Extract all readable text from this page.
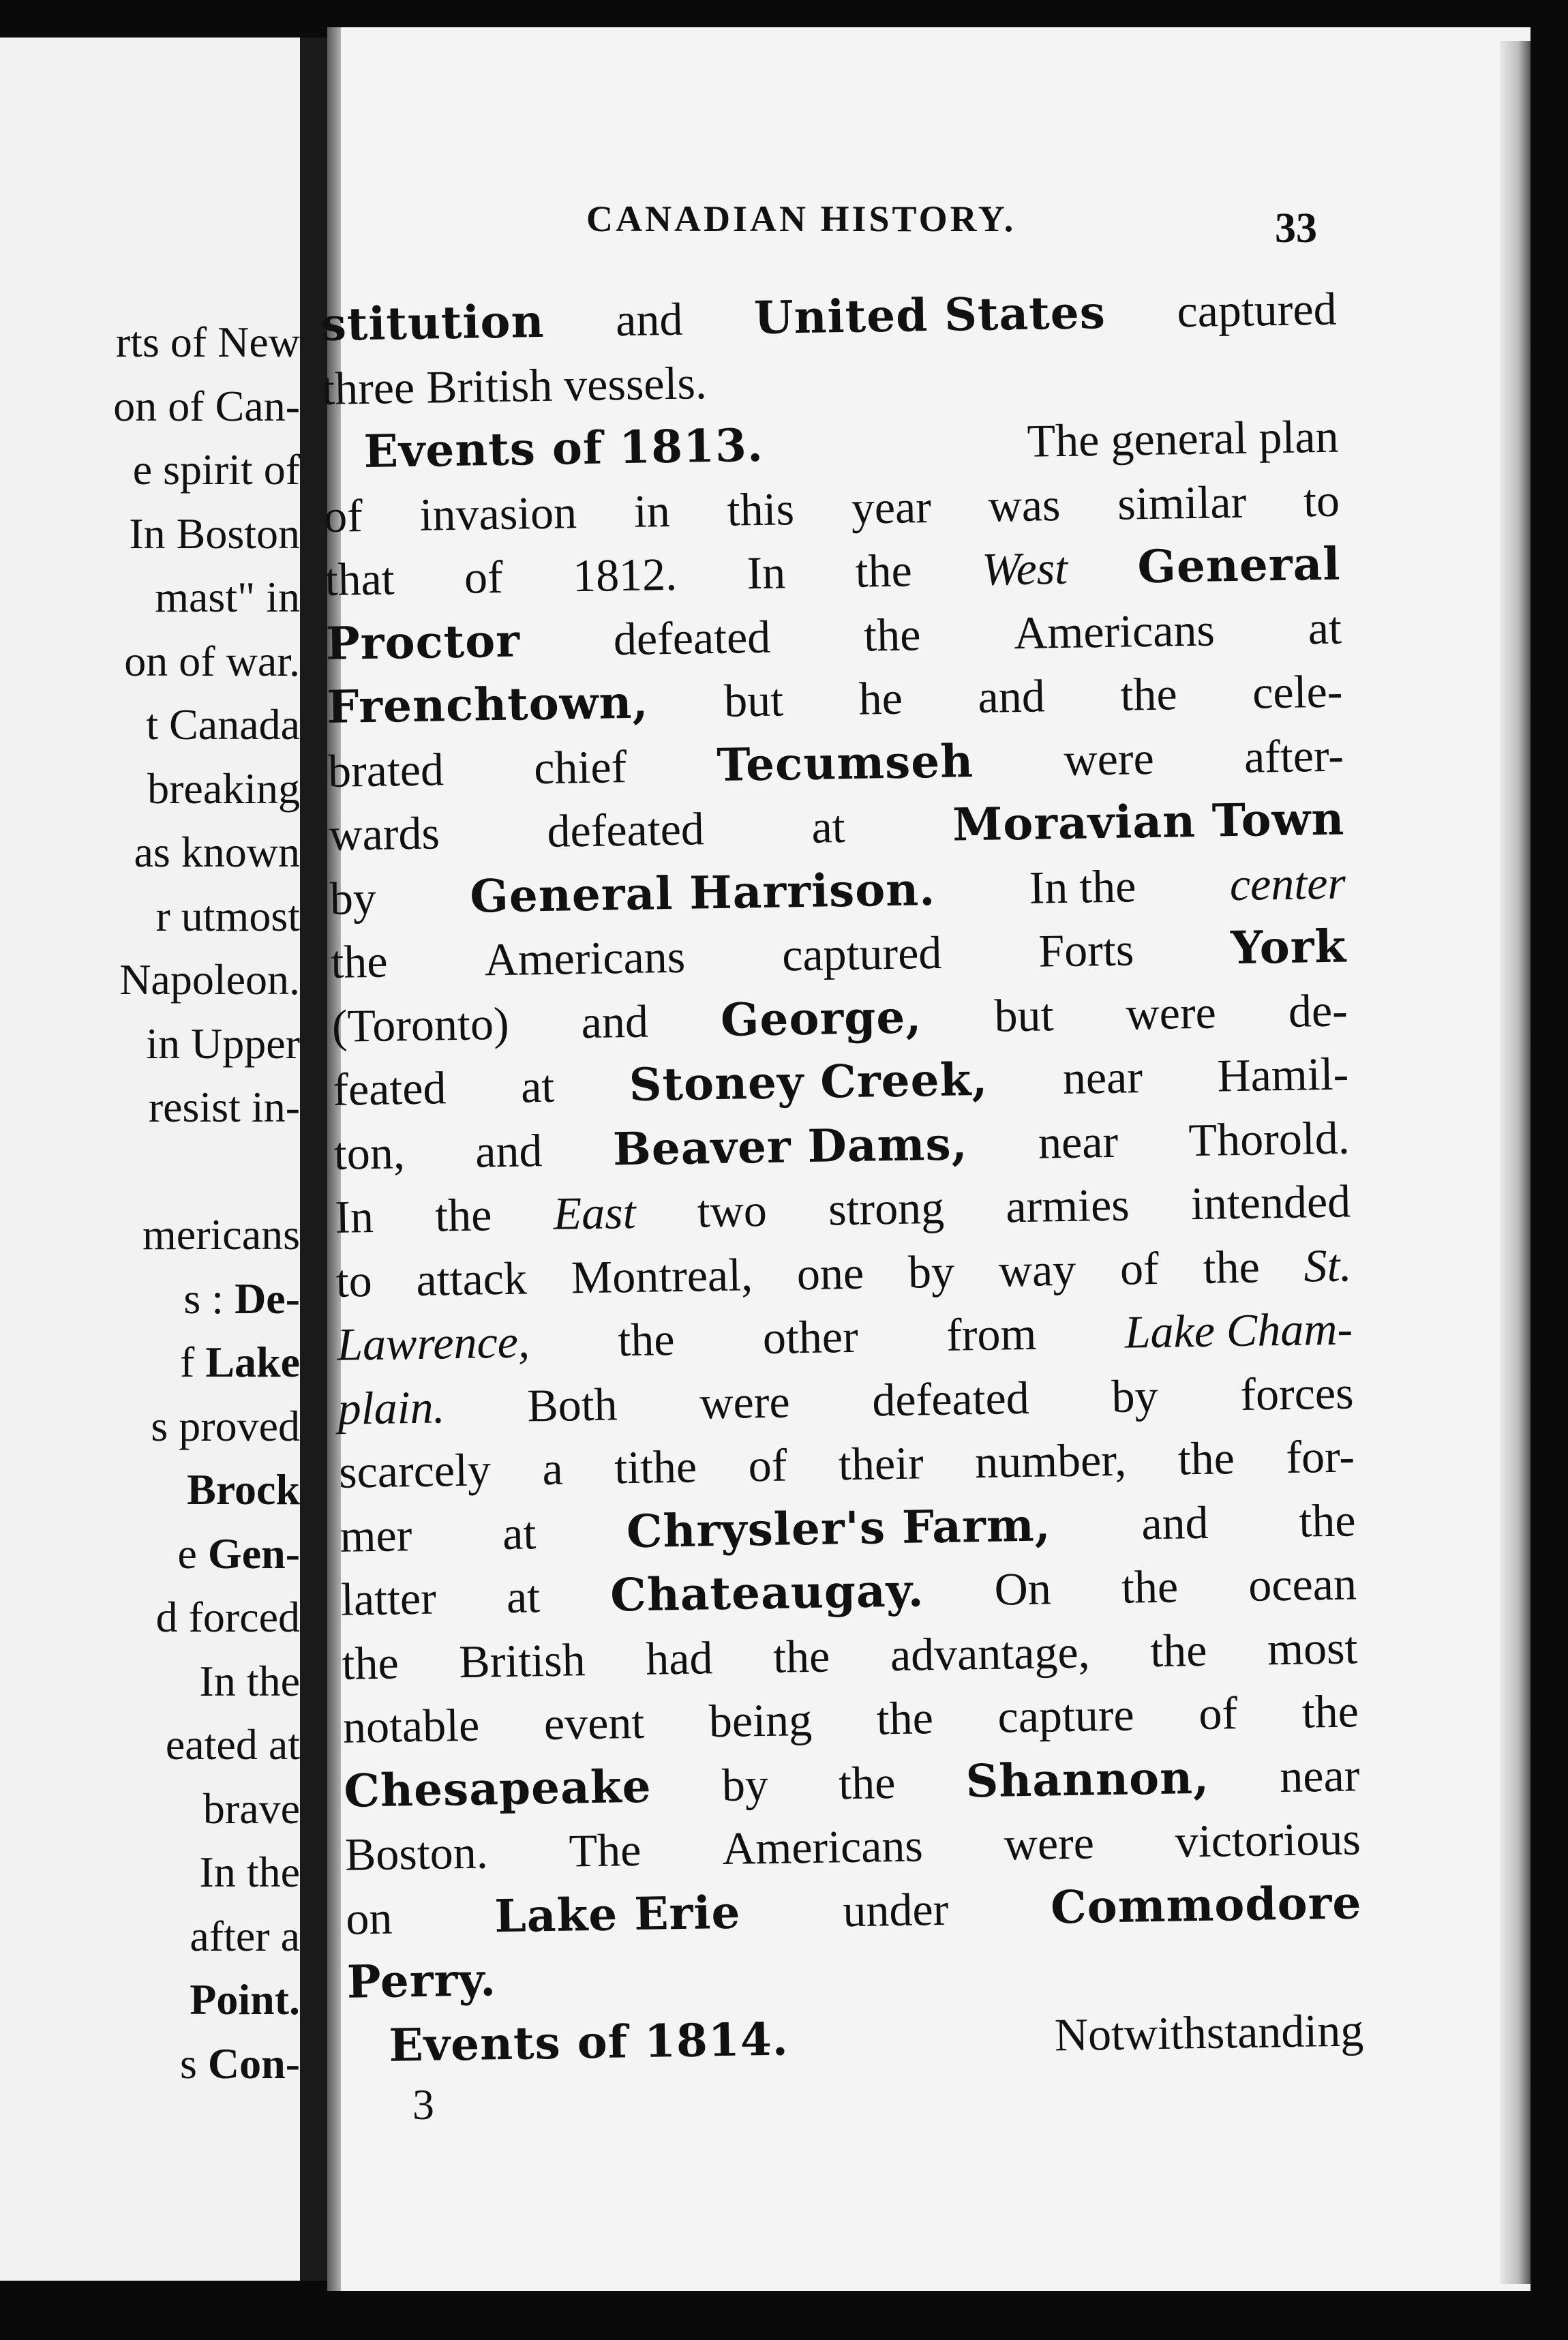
rts of New
on of Can-
e spirit of
In Boston
mast" in
on of war.
t Canada
breaking
as known
r utmost
Napoleon.
in Upper
resist in-
mericans
s : De-
f Lake
s proved
Brock
e Gen-
d forced
In the
eated at
brave
In the
after a
Point.
s Con-
CANADIAN HISTORY.	33
stitution and United States captured
three British vessels.
Events of 1813.	The general plan
of invasion in this year was similar to
that of 1812. In the West General
Proctor defeated the Americans at
Frenchtown, but he and the cele-
brated chief Tecumseh were after-
wards defeated at Moravian Town
by General Harrison. In the center
the Americans captured Forts York
(Toronto) and George, but were de-
feated at Stoney Creek, near Hamil-
ton, and Beaver Dams, near Thorold.
In the East two strong armies intended
to attack Montreal, one by way of the St.
Lawrence, the other from Lake Cham-
plain. Both were defeated by forces
scarcely a tithe of their number, the for-
mer at Chrysler's Farm, and the
latter at Chateaugay. On the ocean
the British had the advantage, the most
notable event being the capture of the
Chesapeake by the Shannon, near
Boston. The Americans were victorious
on Lake Erie under Commodore
Perry.
Events of 1814.	Notwithstanding
3
